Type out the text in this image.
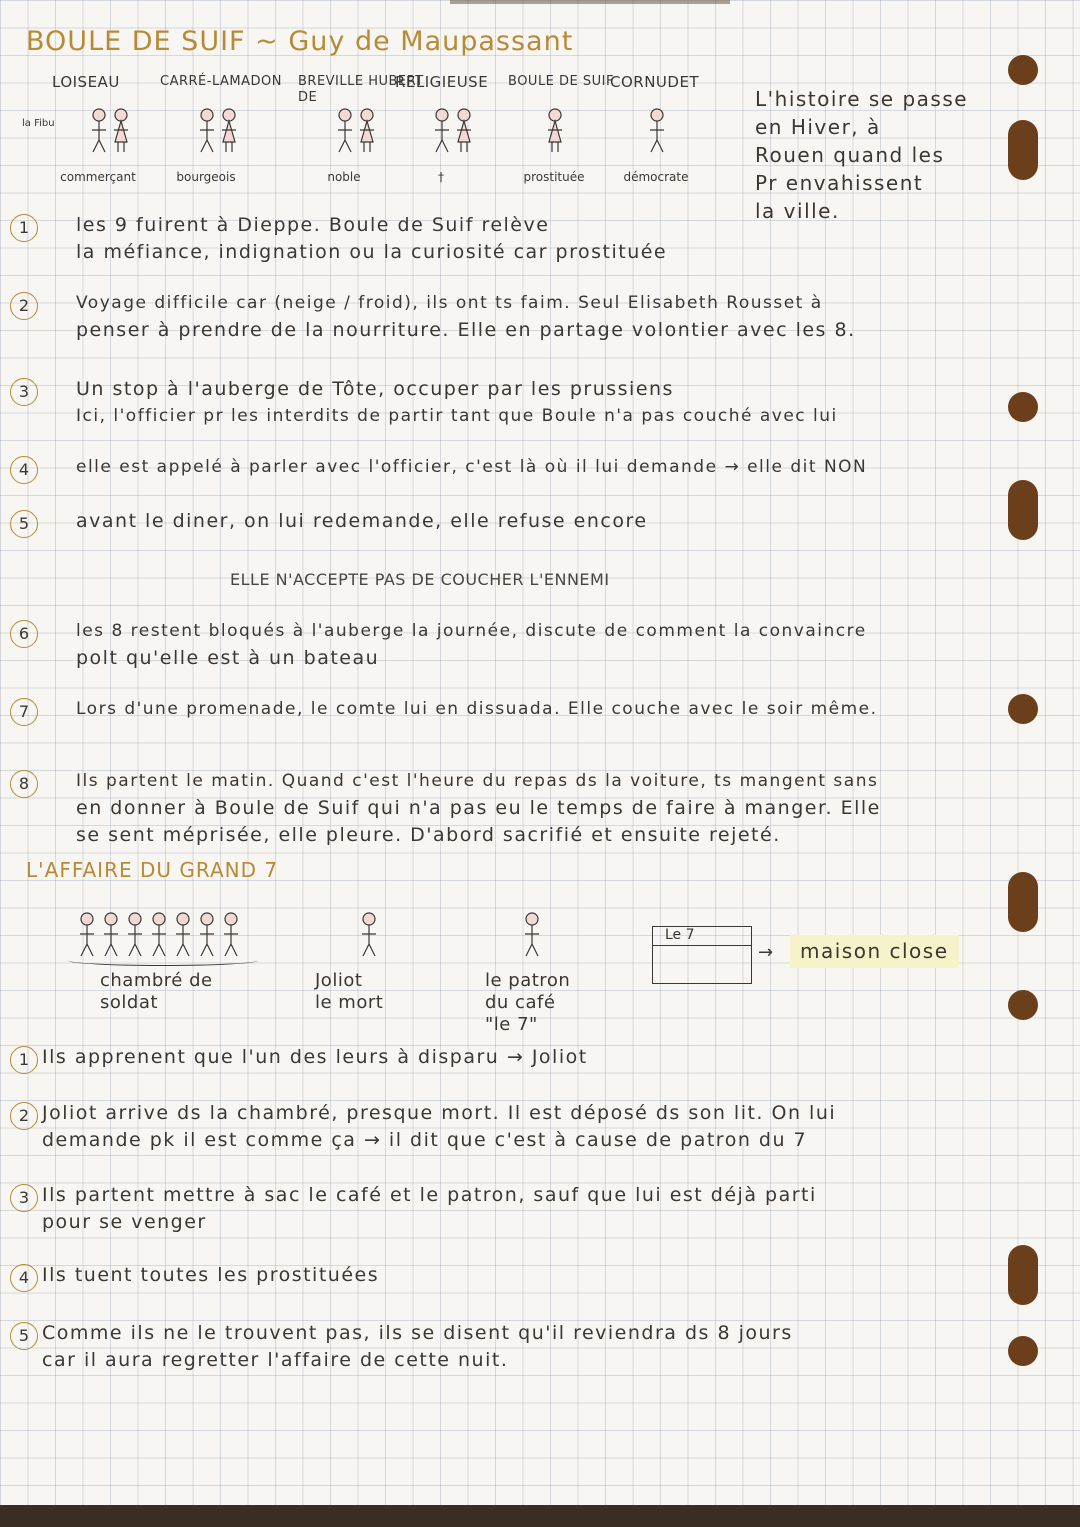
BOULE DE SUIF ~ Guy de Maupassant
LOISEAU
commerçant
la Fibu
CARRÉ-LAMADON
bourgeois
BREVILLE HUBERT DE
noble
RELIGIEUSE
†
BOULE DE SUIF
prostituée
CORNUDET
démocrate
L'histoire se passe
en Hiver, à
Rouen quand les
Pr envahissent
la ville.
1	les 9 fuirent à Dieppe. Boule de Suif relève
la méfiance, indignation ou la curiosité car prostituée
2	Voyage difficile car (neige / froid), ils ont ts faim. Seul Elisabeth Rousset à
penser à prendre de la nourriture. Elle en partage volontier avec les 8.
3	Un stop à l'auberge de Tôte, occuper par les prussiens
Ici, l'officier pr les interdits de partir tant que Boule n'a pas couché avec lui
4	elle est appelé à parler avec l'officier, c'est là où il lui demande → elle dit NON
5	avant le diner, on lui redemande, elle refuse encore
6	les 8 restent bloqués à l'auberge la journée, discute de comment la convaincre
polt qu'elle est à un bateau
7	Lors d'une promenade, le comte lui en dissuada. Elle couche avec le soir même.
8	Ils partent le matin. Quand c'est l'heure du repas ds la voiture, ts mangent sans
en donner à Boule de Suif qui n'a pas eu le temps de faire à manger. Elle
se sent méprisée, elle pleure. D'abord sacrifié et ensuite rejeté.
ELLE N'ACCEPTE PAS DE COUCHER L'ENNEMI
L'AFFAIRE DU GRAND 7
chambré de
soldat
Joliot
le mort
le patron
du café
"le 7"
Le 7
→	maison close
1 Ils apprenent que l'un des leurs à disparu → Joliot
2 Joliot arrive ds la chambré, presque mort. Il est déposé ds son lit. On lui
demande pk il est comme ça → il dit que c'est à cause de patron du 7
3 Ils partent mettre à sac le café et le patron, sauf que lui est déjà parti
pour se venger
4 Ils tuent toutes les prostituées
5 Comme ils ne le trouvent pas, ils se disent qu'il reviendra ds 8 jours
car il aura regretter l'affaire de cette nuit.
